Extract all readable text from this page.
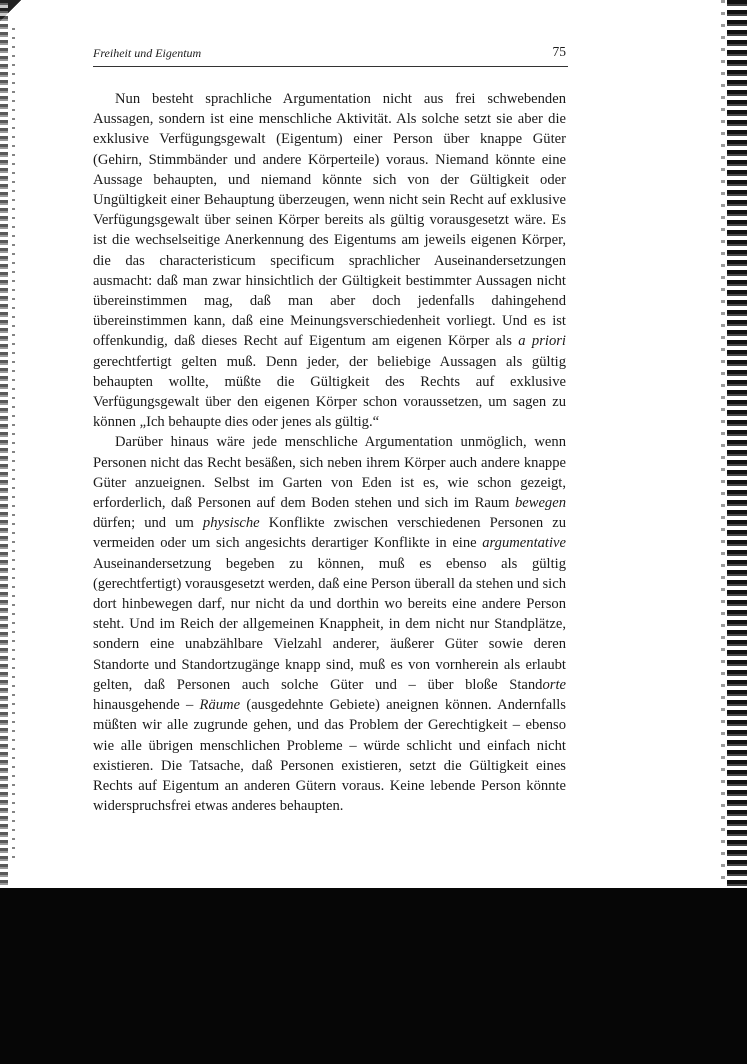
Freiheit und Eigentum	75

Nun besteht sprachliche Argumentation nicht aus frei schwebenden Aussagen, sondern ist eine menschliche Aktivität. Als solche setzt sie aber die exklusive Verfügungsgewalt (Eigentum) einer Person über knappe Güter (Gehirn, Stimmbänder und andere Körperteile) voraus. Niemand könnte eine Aussage behaupten, und niemand könnte sich von der Gültigkeit oder Ungültigkeit einer Behauptung überzeugen, wenn nicht sein Recht auf exklusive Verfügungsgewalt über seinen Körper bereits als gültig vorausgesetzt wäre. Es ist die wechselseitige Anerkennung des Eigentums am jeweils eigenen Körper, die das characteristicum specificum sprachlicher Auseinandersetzungen ausmacht: daß man zwar hinsichtlich der Gültigkeit bestimmter Aussagen nicht übereinstimmen mag, daß man aber doch jedenfalls dahingehend übereinstimmen kann, daß eine Meinungsverschiedenheit vorliegt. Und es ist offenkundig, daß dieses Recht auf Eigentum am eigenen Körper als a priori gerechtfertigt gelten muß. Denn jeder, der beliebige Aussagen als gültig behaupten wollte, müßte die Gültigkeit des Rechts auf exklusive Verfügungsgewalt über den eigenen Körper schon voraussetzen, um sagen zu können „Ich behaupte dies oder jenes als gültig.“

Darüber hinaus wäre jede menschliche Argumentation unmöglich, wenn Personen nicht das Recht besäßen, sich neben ihrem Körper auch andere knappe Güter anzueignen. Selbst im Garten von Eden ist es, wie schon gezeigt, erforderlich, daß Personen auf dem Boden stehen und sich im Raum bewegen dürfen; und um physische Konflikte zwischen verschiedenen Personen zu vermeiden oder um sich angesichts derartiger Konflikte in eine argumentative Auseinandersetzung begeben zu können, muß es ebenso als gültig (gerechtfertigt) vorausgesetzt werden, daß eine Person überall da stehen und sich dort hinbewegen darf, nur nicht da und dorthin wo bereits eine andere Person steht. Und im Reich der allgemeinen Knappheit, in dem nicht nur Standplätze, sondern eine unabzählbare Vielzahl anderer, äußerer Güter sowie deren Standorte und Standortzugänge knapp sind, muß es von vornherein als erlaubt gelten, daß Personen auch solche Güter und – über bloße Standorte hinausgehende – Räume (ausgedehnte Gebiete) aneignen können. Andernfalls müßten wir alle zugrunde gehen, und das Problem der Gerechtigkeit – ebenso wie alle übrigen menschlichen Probleme – würde schlicht und einfach nicht existieren. Die Tatsache, daß Personen existieren, setzt die Gültigkeit eines Rechts auf Eigentum an anderen Gütern voraus. Keine lebende Person könnte widerspruchsfrei etwas anderes behaupten.
